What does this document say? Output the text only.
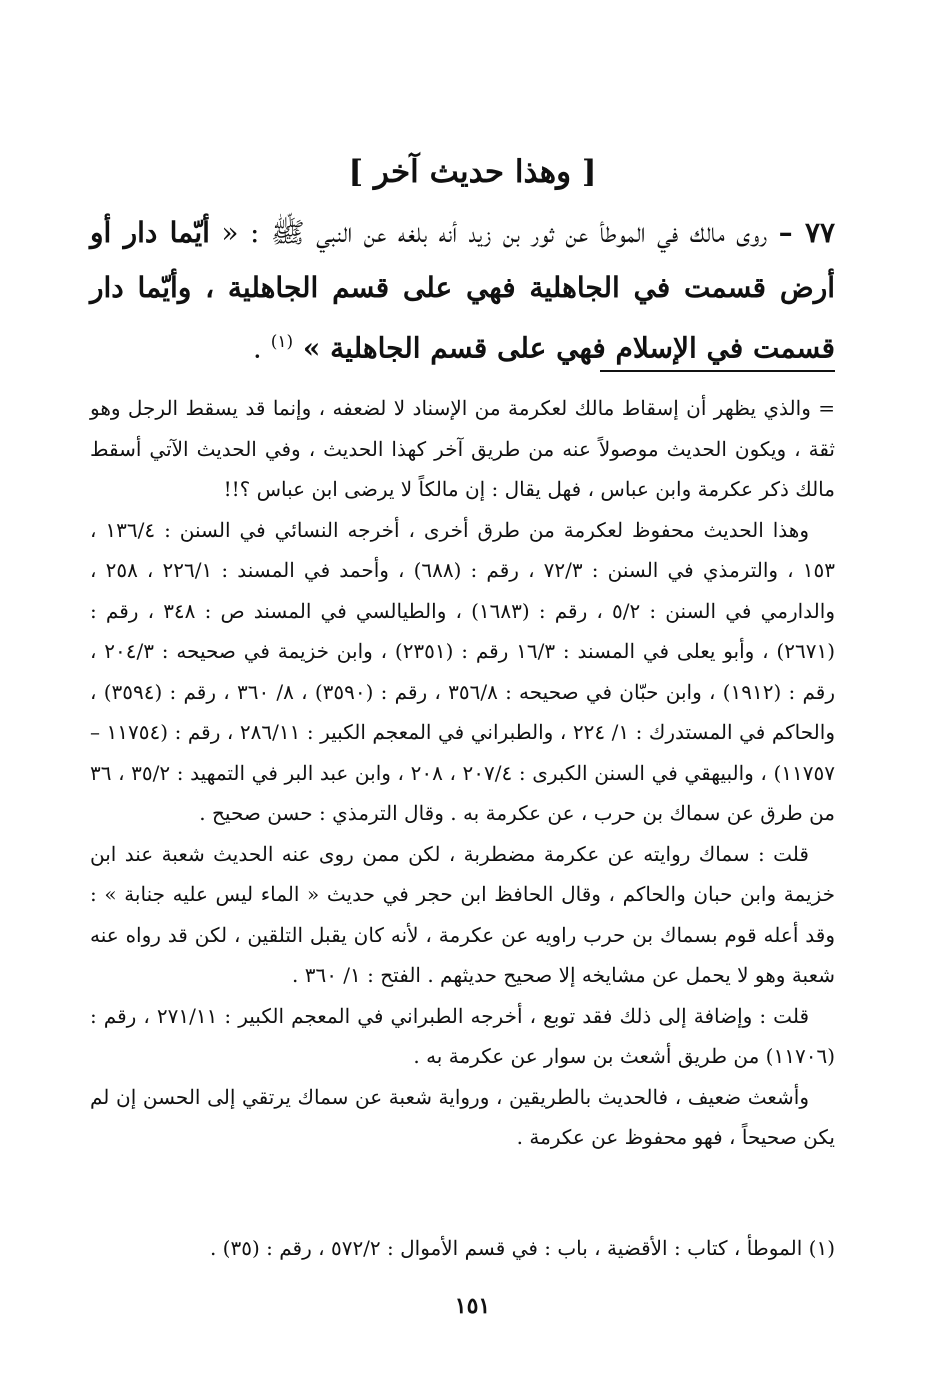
[ وهذا حديث آخر ]

٧٧ – روى مالك في الموطأ عن ثور بن زيد أنه بلغه عن النبي ﷺ : « أيّما دار أو أرض قسمت في الجاهلية فهي على قسم الجاهلية ، وأيّما دار قسمت في الإسلام فهي على قسم الجاهلية » $^{(١)}$ .

= والذي يظهر أن إسقاط مالك لعكرمة من الإسناد لا لضعفه ، وإنما قد يسقط الرجل وهو ثقة ، ويكون الحديث موصولاً عنه من طريق آخر كهذا الحديث ، وفي الحديث الآتي أسقط مالك ذكر عكرمة وابن عباس ، فهل يقال : إن مالكاً لا يرضى ابن عباس ؟!!

وهذا الحديث محفوظ لعكرمة من طرق أخرى ، أخرجه النسائي في السنن : ١٣٦/٤ ، ١٥٣ ، والترمذي في السنن : ٧٢/٣ ، رقم : (٦٨٨) ، وأحمد في المسند : ٢٢٦/١ ، ٢٥٨ ، والدارمي في السنن : ٥/٢ ، رقم : (١٦٨٣) ، والطيالسي في المسند ص : ٣٤٨ ، رقم : (٢٦٧١) ، وأبو يعلى في المسند : ١٦/٣ رقم : (٢٣٥١) ، وابن خزيمة في صحيحه : ٢٠٤/٣ ، رقم : (١٩١٢) ، وابن حبّان في صحيحه : ٣٥٦/٨ ، رقم : (٣٥٩٠) ، ٨/ ٣٦٠ ، رقم : (٣٥٩٤) ، والحاكم في المستدرك : ١/ ٢٢٤ ، والطبراني في المعجم الكبير : ٢٨٦/١١ ، رقم : (١١٧٥٤ – ١١٧٥٧) ، والبيهقي في السنن الكبرى : ٢٠٧/٤ ، ٢٠٨ ، وابن عبد البر في التمهيد : ٣٥/٢ ، ٣٦ من طرق عن سماك بن حرب ، عن عكرمة به . وقال الترمذي : حسن صحيح .

قلت : سماك روايته عن عكرمة مضطربة ، لكن ممن روى عنه الحديث شعبة عند ابن خزيمة وابن حبان والحاكم ، وقال الحافظ ابن حجر في حديث « الماء ليس عليه جنابة » : وقد أعله قوم بسماك بن حرب راويه عن عكرمة ، لأنه كان يقبل التلقين ، لكن قد رواه عنه شعبة وهو لا يحمل عن مشايخه إلا صحيح حديثهم . الفتح : ١/ ٣٦٠ .

قلت : وإضافة إلى ذلك فقد توبع ، أخرجه الطبراني في المعجم الكبير : ٢٧١/١١ ، رقم : (١١٧٠٦) من طريق أشعث بن سوار عن عكرمة به .

وأشعث ضعيف ، فالحديث بالطريقين ، ورواية شعبة عن سماك يرتقي إلى الحسن إن لم يكن صحيحاً ، فهو محفوظ عن عكرمة .

(١) الموطأ ، كتاب : الأقضية ، باب : في قسم الأموال : ٥٧٢/٢ ، رقم : (٣٥) .

١٥١
